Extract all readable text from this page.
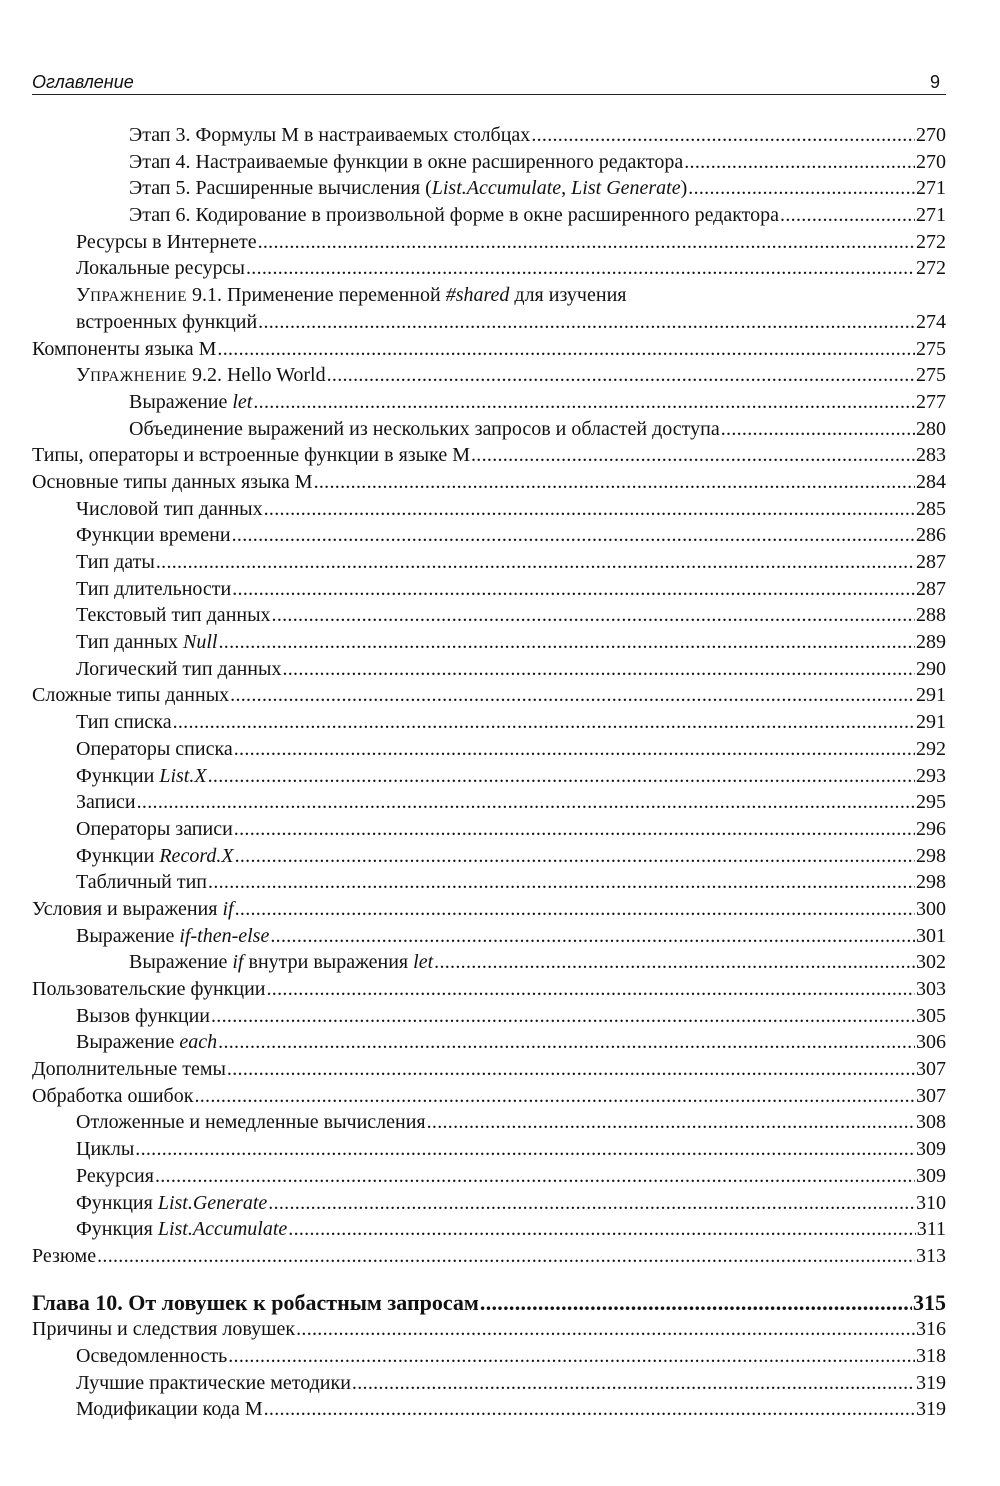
Оглавление	9
Этап 3. Формулы M в настраиваемых столбцах .....	270
Этап 4. Настраиваемые функции в окне расширенного редактора .....	270
Этап 5. Расширенные вычисления (List.Accumulate, List Generate) .....	271
Этап 6. Кодирование в произвольной форме в окне расширенного редактора .....	271
Ресурсы в Интернете .....	272
Локальные ресурсы .....	272
УПРАЖНЕНИЕ 9.1. Применение переменной #shared для изучения
встроенных функций .....	274
Компоненты языка M .....	275
УПРАЖНЕНИЕ 9.2. Hello World .....	275
Выражение let .....	277
Объединение выражений из нескольких запросов и областей доступа .....	280
Типы, операторы и встроенные функции в языке M .....	283
Основные типы данных языка M .....	284
Числовой тип данных .....	285
Функции времени .....	286
Тип даты .....	287
Тип длительности .....	287
Текстовый тип данных .....	288
Тип данных Null .....	289
Логический тип данных .....	290
Сложные типы данных .....	291
Тип списка .....	291
Операторы списка .....	292
Функции List.X .....	293
Записи .....	295
Операторы записи .....	296
Функции Record.X .....	298
Табличный тип .....	298
Условия и выражения if .....	300
Выражение if-then-else .....	301
Выражение if внутри выражения let .....	302
Пользовательские функции .....	303
Вызов функции .....	305
Выражение each .....	306
Дополнительные темы .....	307
Обработка ошибок .....	307
Отложенные и немедленные вычисления .....	308
Циклы .....	309
Рекурсия .....	309
Функция List.Generate .....	310
Функция List.Accumulate .....	311
Резюме .....	313
Глава 10. От ловушек к робастным запросам .....	315
Причины и следствия ловушек .....	316
Осведомленность .....	318
Лучшие практические методики .....	319
Модификации кода M .....	319
